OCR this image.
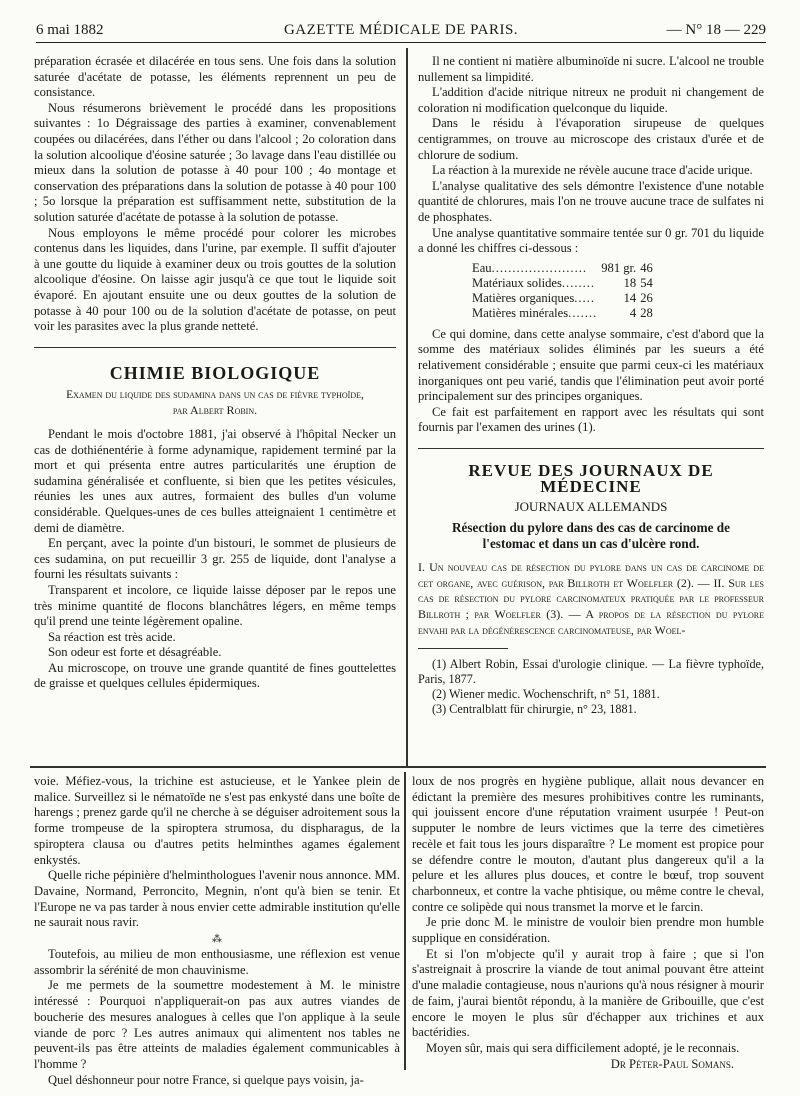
6 mai 1882	GAZETTE MÉDICALE DE PARIS.	— N° 18 — 229

préparation écrasée et dilacérée en tous sens. Une fois dans la solution saturée d'acétate de potasse, les éléments reprennent un peu de consistance.

Nous résumerons brièvement le procédé dans les propositions suivantes : 1o Dégraissage des parties à examiner, convenablement coupées ou dilacérées, dans l'éther ou dans l'alcool ; 2o coloration dans la solution alcoolique d'éosine saturée ; 3o lavage dans l'eau distillée ou mieux dans la solution de potasse à 40 pour 100 ; 4o montage et conservation des préparations dans la solution de potasse à 40 pour 100 ; 5o lorsque la préparation est suffisamment nette, substitution de la solution saturée d'acétate de potasse à la solution de potasse.

Nous employons le même procédé pour colorer les microbes contenus dans les liquides, dans l'urine, par exemple. Il suffit d'ajouter à une goutte du liquide à examiner deux ou trois gouttes de la solution alcoolique d'éosine. On laisse agir jusqu'à ce que tout le liquide soit évaporé. En ajoutant ensuite une ou deux gouttes de la solution de potasse à 40 pour 100 ou de la solution d'acétate de potasse, on peut voir les parasites avec la plus grande netteté.

CHIMIE BIOLOGIQUE
Examen du liquide des sudamina dans un cas de fièvre typhoïde,
par Albert Robin.

Pendant le mois d'octobre 1881, j'ai observé à l'hôpital Necker un cas de dothiénentérie à forme adynamique, rapidement terminé par la mort et qui présenta entre autres particularités une éruption de sudamina généralisée et confluente, si bien que les petites vésicules, réunies les unes aux autres, formaient des bulles d'un volume considérable. Quelques-unes de ces bulles atteignaient 1 centimètre et demi de diamètre.

En perçant, avec la pointe d'un bistouri, le sommet de plusieurs de ces sudamina, on put recueillir 3 gr. 255 de liquide, dont l'analyse a fourni les résultats suivants :

Transparent et incolore, ce liquide laisse déposer par le repos une très minime quantité de flocons blanchâtres légers, en même temps qu'il prend une teinte légèrement opaline.

Sa réaction est très acide.

Son odeur est forte et désagréable.

Au microscope, on trouve une grande quantité de fines gouttelettes de graisse et quelques cellules épidermiques.

Il ne contient ni matière albuminoïde ni sucre. L'alcool ne trouble nullement sa limpidité.

L'addition d'acide nitrique nitreux ne produit ni changement de coloration ni modification quelconque du liquide.

Dans le résidu à l'évaporation sirupeuse de quelques centigrammes, on trouve au microscope des cristaux d'urée et de chlorure de sodium.

La réaction à la murexide ne révèle aucune trace d'acide urique.

L'analyse qualitative des sels démontre l'existence d'une notable quantité de chlorures, mais l'on ne trouve aucune trace de sulfates ni de phosphates.

Une analyse quantitative sommaire tentée sur 0 gr. 701 du liquide a donné les chiffres ci-dessous :

Eau.......................	981 gr.	46
Matériaux solides........	18	54
Matières organiques.....	14	26
Matières minérales.......	4	28

Ce qui domine, dans cette analyse sommaire, c'est d'abord que la somme des matériaux solides éliminés par les sueurs a été relativement considérable ; ensuite que parmi ceux-ci les matériaux inorganiques ont peu varié, tandis que l'élimination peut avoir porté principalement sur des principes organiques.

Ce fait est parfaitement en rapport avec les résultats qui sont fournis par l'examen des urines (1).

REVUE DES JOURNAUX DE MÉDECINE
JOURNAUX ALLEMANDS
Résection du pylore dans des cas de carcinome de l'estomac et dans un cas d'ulcère rond.

I. Un nouveau cas de résection du pylore dans un cas de carcinome de cet organe, avec guérison, par Billroth et Woelfler (2). — II. Sur les cas de résection du pylore carcinomateux pratiquée par le professeur Billroth ; par Woelfler (3). — A propos de la résection du pylore envahi par la dégénérescence carcinomateuse, par Woel-

(1) Albert Robin, Essai d'urologie clinique. — La fièvre typhoïde, Paris, 1877.

(2) Wiener medic. Wochenschrift, n° 51, 1881.

(3) Centralblatt für chirurgie, n° 23, 1881.

voie. Méfiez-vous, la trichine est astucieuse, et le Yankee plein de malice. Surveillez si le nématoïde ne s'est pas enkysté dans une boîte de harengs ; prenez garde qu'il ne cherche à se déguiser adroitement sous la forme trompeuse de la spiroptera strumosa, du dispharagus, de la spiroptera clausa ou d'autres petits helminthes agames également enkystés.

Quelle riche pépinière d'helminthologues l'avenir nous annonce. MM. Davaine, Normand, Perroncito, Megnin, n'ont qu'à bien se tenir. Et l'Europe ne va pas tarder à nous envier cette admirable institution qu'elle ne saurait nous ravir.

⁂

Toutefois, au milieu de mon enthousiasme, une réflexion est venue assombrir la sérénité de mon chauvinisme.

Je me permets de la soumettre modestement à M. le ministre intéressé : Pourquoi n'appliquerait-on pas aux autres viandes de boucherie des mesures analogues à celles que l'on applique à la seule viande de porc ? Les autres animaux qui alimentent nos tables ne peuvent-ils pas être atteints de maladies également communicables à l'homme ?

Quel déshonneur pour notre France, si quelque pays voisin, ja-

loux de nos progrès en hygiène publique, allait nous devancer en édictant la première des mesures prohibitives contre les ruminants, qui jouissent encore d'une réputation vraiment usurpée ! Peut-on supputer le nombre de leurs victimes que la terre des cimetières recèle et fait tous les jours disparaître ? Le moment est propice pour se défendre contre le mouton, d'autant plus dangereux qu'il a la pelure et les allures plus douces, et contre le bœuf, trop souvent charbonneux, et contre la vache phtisique, ou même contre le cheval, contre ce solipède qui nous transmet la morve et le farcin.

Je prie donc M. le ministre de vouloir bien prendre mon humble supplique en considération.

Et si l'on m'objecte qu'il y aurait trop à faire ; que si l'on s'astreignait à proscrire la viande de tout animal pouvant être atteint d'une maladie contagieuse, nous n'aurions qu'à nous résigner à mourir de faim, j'aurai bientôt répondu, à la manière de Gribouille, que c'est encore le moyen le plus sûr d'échapper aux trichines et aux bactéridies.

Moyen sûr, mais qui sera difficilement adopté, je le reconnais.

Dr Péter-Paul Somans.
